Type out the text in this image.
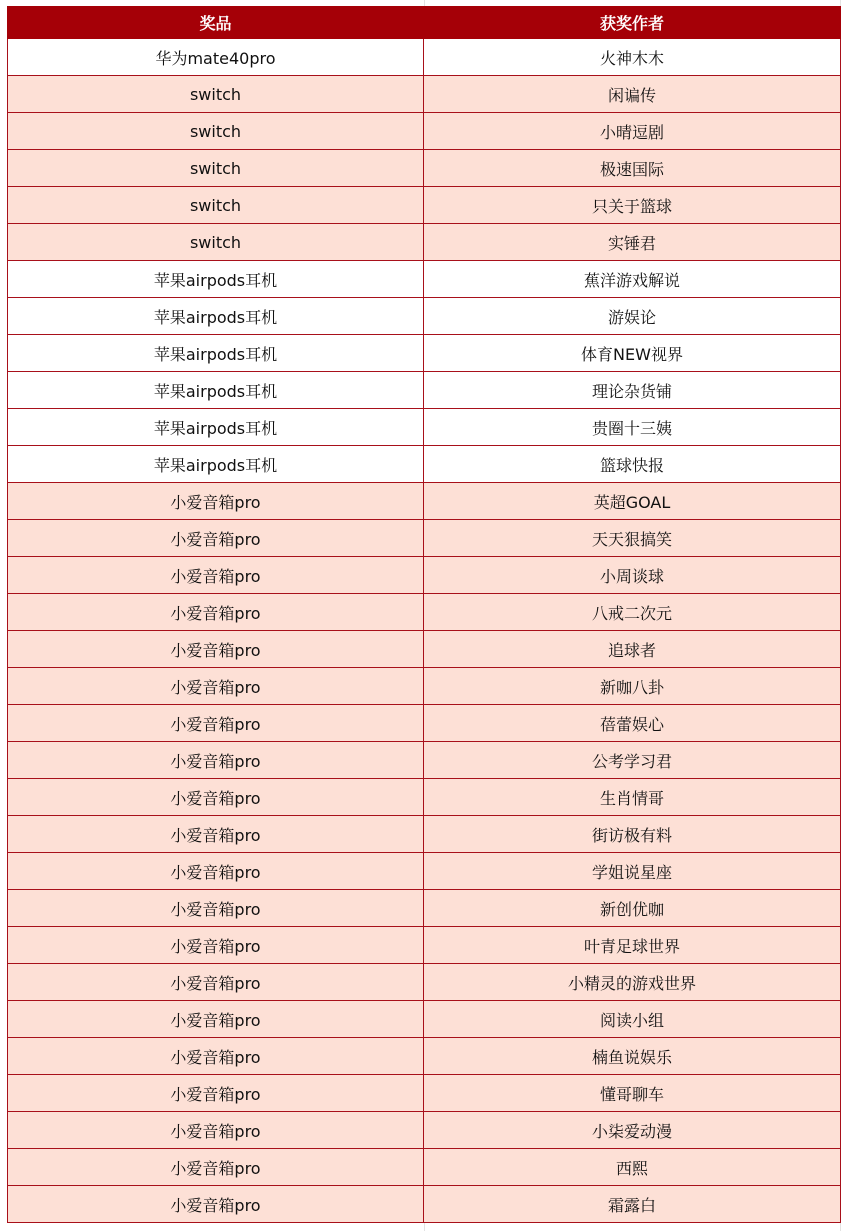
奖品	获奖作者
华为mate40pro	火神木木
switch	闲谝传
switch	小晴逗剧
switch	极速国际
switch	只关于篮球
switch	实锤君
苹果airpods耳机	蕉洋游戏解说
苹果airpods耳机	游娱论
苹果airpods耳机	体育NEW视界
苹果airpods耳机	理论杂货铺
苹果airpods耳机	贵圈十三姨
苹果airpods耳机	篮球快报
小爱音箱pro	英超GOAL
小爱音箱pro	天天狠搞笑
小爱音箱pro	小周谈球
小爱音箱pro	八戒二次元
小爱音箱pro	追球者
小爱音箱pro	新咖八卦
小爱音箱pro	蓓蕾娱心
小爱音箱pro	公考学习君
小爱音箱pro	生肖情哥
小爱音箱pro	街访极有料
小爱音箱pro	学姐说星座
小爱音箱pro	新创优咖
小爱音箱pro	叶青足球世界
小爱音箱pro	小精灵的游戏世界
小爱音箱pro	阅读小组
小爱音箱pro	楠鱼说娱乐
小爱音箱pro	懂哥聊车
小爱音箱pro	小柒爱动漫
小爱音箱pro	西熙
小爱音箱pro	霜露白
